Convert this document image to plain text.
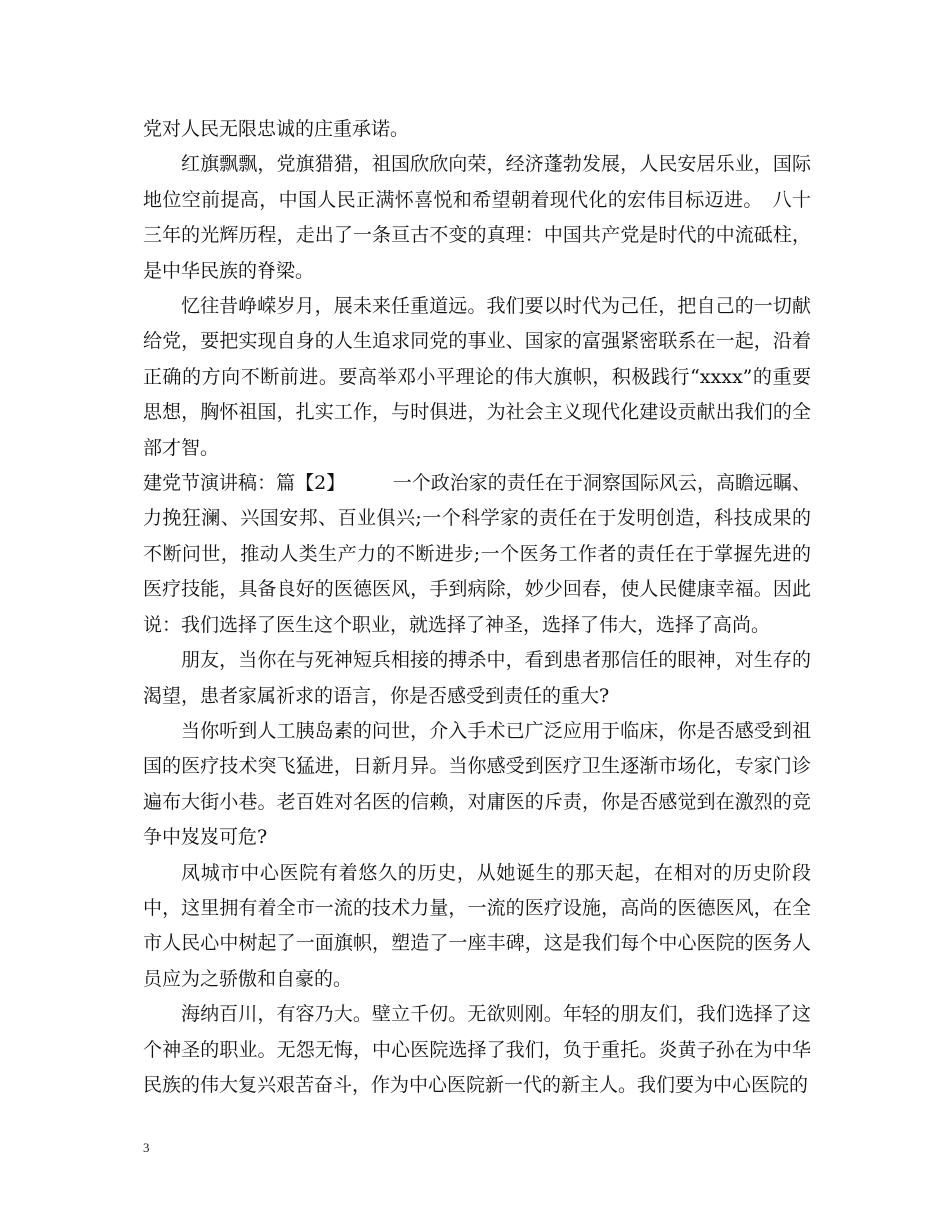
党对人民无限忠诚的庄重承诺。

红旗飘飘，党旗猎猎，祖国欣欣向荣，经济蓬勃发展，人民安居乐业，国际地位空前提高，中国人民正满怀喜悦和希望朝着现代化的宏伟目标迈进。　八十三年的光辉历程，走出了一条亘古不变的真理：中国共产党是时代的中流砥柱，是中华民族的脊梁。

忆往昔峥嵘岁月，展未来任重道远。我们要以时代为己任，把自己的一切献给党，要把实现自身的人生追求同党的事业、国家的富强紧密联系在一起，沿着正确的方向不断前进。要高举邓小平理论的伟大旗帜，积极践行“xxxx”的重要思想，胸怀祖国，扎实工作，与时俱进，为社会主义现代化建设贡献出我们的全部才智。

建党节演讲稿：篇【2】　　　一个政治家的责任在于洞察国际风云，高瞻远瞩、力挽狂澜、兴国安邦、百业俱兴;一个科学家的责任在于发明创造，科技成果的不断问世，推动人类生产力的不断进步;一个医务工作者的责任在于掌握先进的医疗技能，具备良好的医德医风，手到病除，妙少回春，使人民健康幸福。因此说：我们选择了医生这个职业，就选择了神圣，选择了伟大，选择了高尚。

朋友，当你在与死神短兵相接的搏杀中，看到患者那信任的眼神，对生存的渴望，患者家属祈求的语言，你是否感受到责任的重大?

当你听到人工胰岛素的问世，介入手术已广泛应用于临床，你是否感受到祖国的医疗技术突飞猛进，日新月异。当你感受到医疗卫生逐渐市场化，专家门诊遍布大街小巷。老百姓对名医的信赖，对庸医的斥责，你是否感觉到在激烈的竞争中岌岌可危?

凤城市中心医院有着悠久的历史，从她诞生的那天起，在相对的历史阶段中，这里拥有着全市一流的技术力量，一流的医疗设施，高尚的医德医风，在全市人民心中树起了一面旗帜，塑造了一座丰碑，这是我们每个中心医院的医务人员应为之骄傲和自豪的。

海纳百川，有容乃大。壁立千仞。无欲则刚。年轻的朋友们，我们选择了这个神圣的职业。无怨无悔，中心医院选择了我们，负于重托。炎黄子孙在为中华民族的伟大复兴艰苦奋斗，作为中心医院新一代的新主人。我们要为中心医院的

3
